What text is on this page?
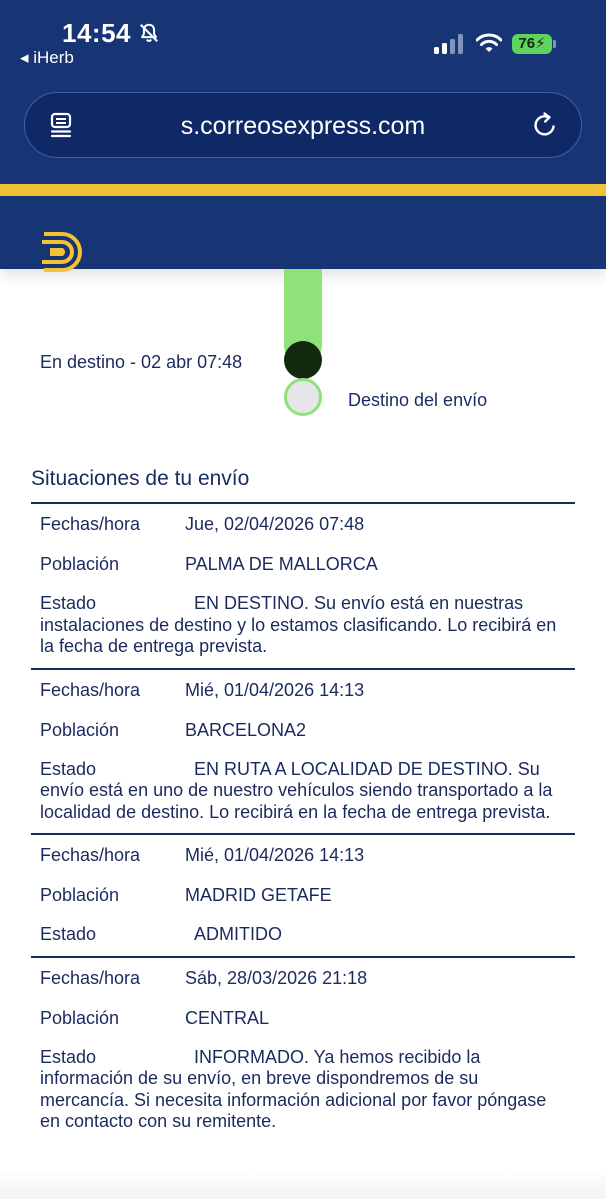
14:54
◂ iHerb
76⚡
s.correosexpress.com
En destino - 02 abr 07:48
Destino del envío
Situaciones de tu envío
Fechas/hora	Jue, 02/04/2026 07:48
Población	PALMA DE MALLORCA
Estado	EN DESTINO. Su envío está en nuestras instalaciones de destino y lo estamos clasificando. Lo recibirá en la fecha de entrega prevista.
Fechas/hora	Mié, 01/04/2026 14:13
Población	BARCELONA2
Estado	EN RUTA A LOCALIDAD DE DESTINO. Su envío está en uno de nuestro vehículos siendo transportado a la localidad de destino. Lo recibirá en la fecha de entrega prevista.
Fechas/hora	Mié, 01/04/2026 14:13
Población	MADRID GETAFE
Estado	ADMITIDO
Fechas/hora	Sáb, 28/03/2026 21:18
Población	CENTRAL
Estado	INFORMADO. Ya hemos recibido la información de su envío, en breve dispondremos de su mercancía. Si necesita información adicional por favor póngase en contacto con su remitente.
